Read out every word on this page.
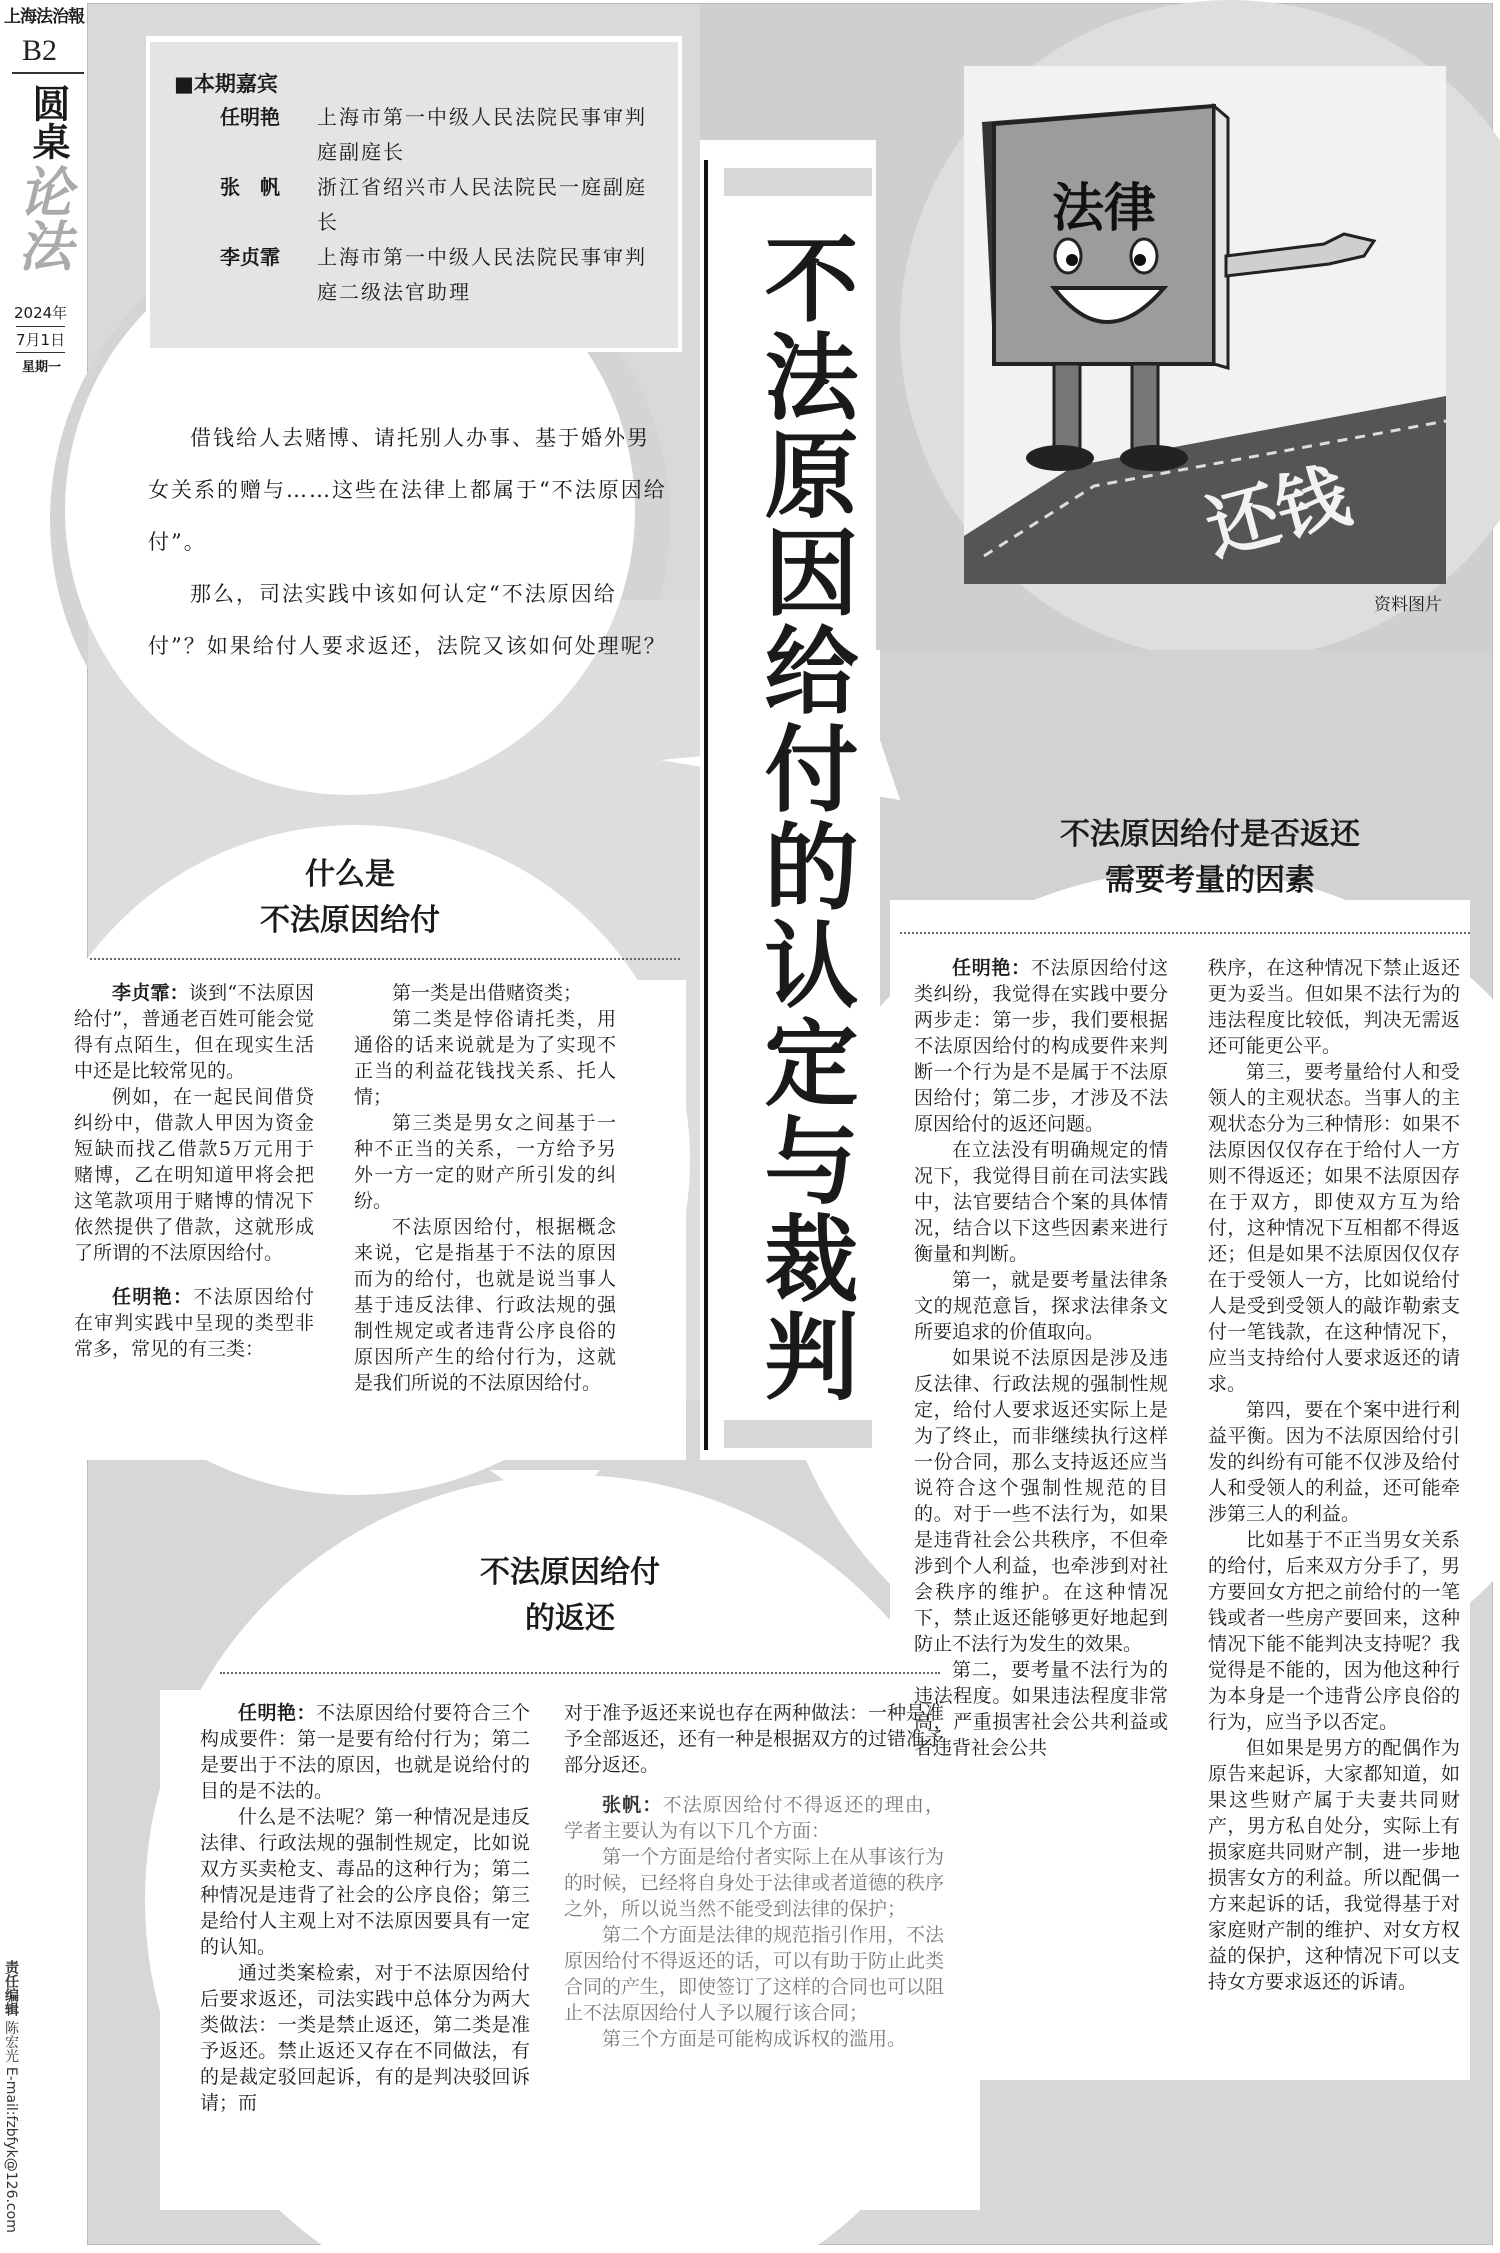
上海法治報
B2
圆桌
论法
2024年
7月1日
星期一
责任编辑 陈宏光 E-mail:fzbfyk@126.com
■本期嘉宾
任明艳	上海市第一中级人民法院民事审判庭副庭长
张　帆	浙江省绍兴市人民法院民一庭副庭长
李贞霏	上海市第一中级人民法院民事审判庭二级法官助理

借钱给人去赌博、请托别人办事、基于婚外男女关系的赠与……这些在法律上都属于“不法原因给付”。

那么，司法实践中该如何认定“不法原因给付”？如果给付人要求返还，法院又该如何处理呢？ 不法原因给付的认定与裁判
法律
还钱
资料图片
什么是
不法原因给付

李贞霏：谈到“不法原因给付”，普通老百姓可能会觉得有点陌生，但在现实生活中还是比较常见的。

例如，在一起民间借贷纠纷中，借款人甲因为资金短缺而找乙借款5万元用于赌博，乙在明知道甲将会把这笔款项用于赌博的情况下依然提供了借款，这就形成了所谓的不法原因给付。

任明艳：不法原因给付在审判实践中呈现的类型非常多，常见的有三类：

第一类是出借赌资类；

第二类是悖俗请托类，用通俗的话来说就是为了实现不正当的利益花钱找关系、托人情；

第三类是男女之间基于一种不正当的关系，一方给予另外一方一定的财产所引发的纠纷。

不法原因给付，根据概念来说，它是指基于不法的原因而为的给付，也就是说当事人基于违反法律、行政法规的强制性规定或者违背公序良俗的原因所产生的给付行为，这就是我们所说的不法原因给付。

不法原因给付
的返还

任明艳：不法原因给付要符合三个构成要件：第一是要有给付行为；第二是要出于不法的原因，也就是说给付的目的是不法的。

什么是不法呢？第一种情况是违反法律、行政法规的强制性规定，比如说双方买卖枪支、毒品的这种行为；第二种情况是违背了社会的公序良俗；第三是给付人主观上对不法原因要具有一定的认知。

通过类案检索，对于不法原因给付后要求返还，司法实践中总体分为两大类做法：一类是禁止返还，第二类是准予返还。禁止返还又存在不同做法，有的是裁定驳回起诉，有的是判决驳回诉请；而

对于准予返还来说也存在两种做法：一种是准予全部返还，还有一种是根据双方的过错准予部分返还。

张帆：不法原因给付不得返还的理由，学者主要认为有以下几个方面：

第一个方面是给付者实际上在从事该行为的时候，已经将自身处于法律或者道德的秩序之外，所以说当然不能受到法律的保护；

第二个方面是法律的规范指引作用，不法原因给付不得返还的话，可以有助于防止此类合同的产生，即使签订了这样的合同也可以阻止不法原因给付人予以履行该合同；

第三个方面是可能构成诉权的滥用。

不法原因给付是否返还
需要考量的因素

任明艳：不法原因给付这类纠纷，我觉得在实践中要分两步走：第一步，我们要根据不法原因给付的构成要件来判断一个行为是不是属于不法原因给付；第二步，才涉及不法原因给付的返还问题。

在立法没有明确规定的情况下，我觉得目前在司法实践中，法官要结合个案的具体情况，结合以下这些因素来进行衡量和判断。

第一，就是要考量法律条文的规范意旨，探求法律条文所要追求的价值取向。

如果说不法原因是涉及违反法律、行政法规的强制性规定，给付人要求返还实际上是为了终止，而非继续执行这样一份合同，那么支持返还应当说符合这个强制性规范的目的。对于一些不法行为，如果是违背社会公共秩序，不但牵涉到个人利益，也牵涉到对社会秩序的维护。在这种情况下，禁止返还能够更好地起到防止不法行为发生的效果。

第二，要考量不法行为的违法程度。如果违法程度非常高，严重损害社会公共利益或者违背社会公共

秩序，在这种情况下禁止返还更为妥当。但如果不法行为的违法程度比较低，判决无需返还可能更公平。

第三，要考量给付人和受领人的主观状态。当事人的主观状态分为三种情形：如果不法原因仅仅存在于给付人一方则不得返还；如果不法原因存在于双方，即使双方互为给付，这种情况下互相都不得返还；但是如果不法原因仅仅存在于受领人一方，比如说给付人是受到受领人的敲诈勒索支付一笔钱款，在这种情况下，应当支持给付人要求返还的请求。

第四，要在个案中进行利益平衡。因为不法原因给付引发的纠纷有可能不仅涉及给付人和受领人的利益，还可能牵涉第三人的利益。

比如基于不正当男女关系的给付，后来双方分手了，男方要回女方把之前给付的一笔钱或者一些房产要回来，这种情况下能不能判决支持呢？我觉得是不能的，因为他这种行为本身是一个违背公序良俗的行为，应当予以否定。

但如果是男方的配偶作为原告来起诉，大家都知道，如果这些财产属于夫妻共同财产，男方私自处分，实际上有损家庭共同财产制，进一步地损害女方的利益。所以配偶一方来起诉的话，我觉得基于对家庭财产制的维护、对女方权益的保护，这种情况下可以支持女方要求返还的诉请。
